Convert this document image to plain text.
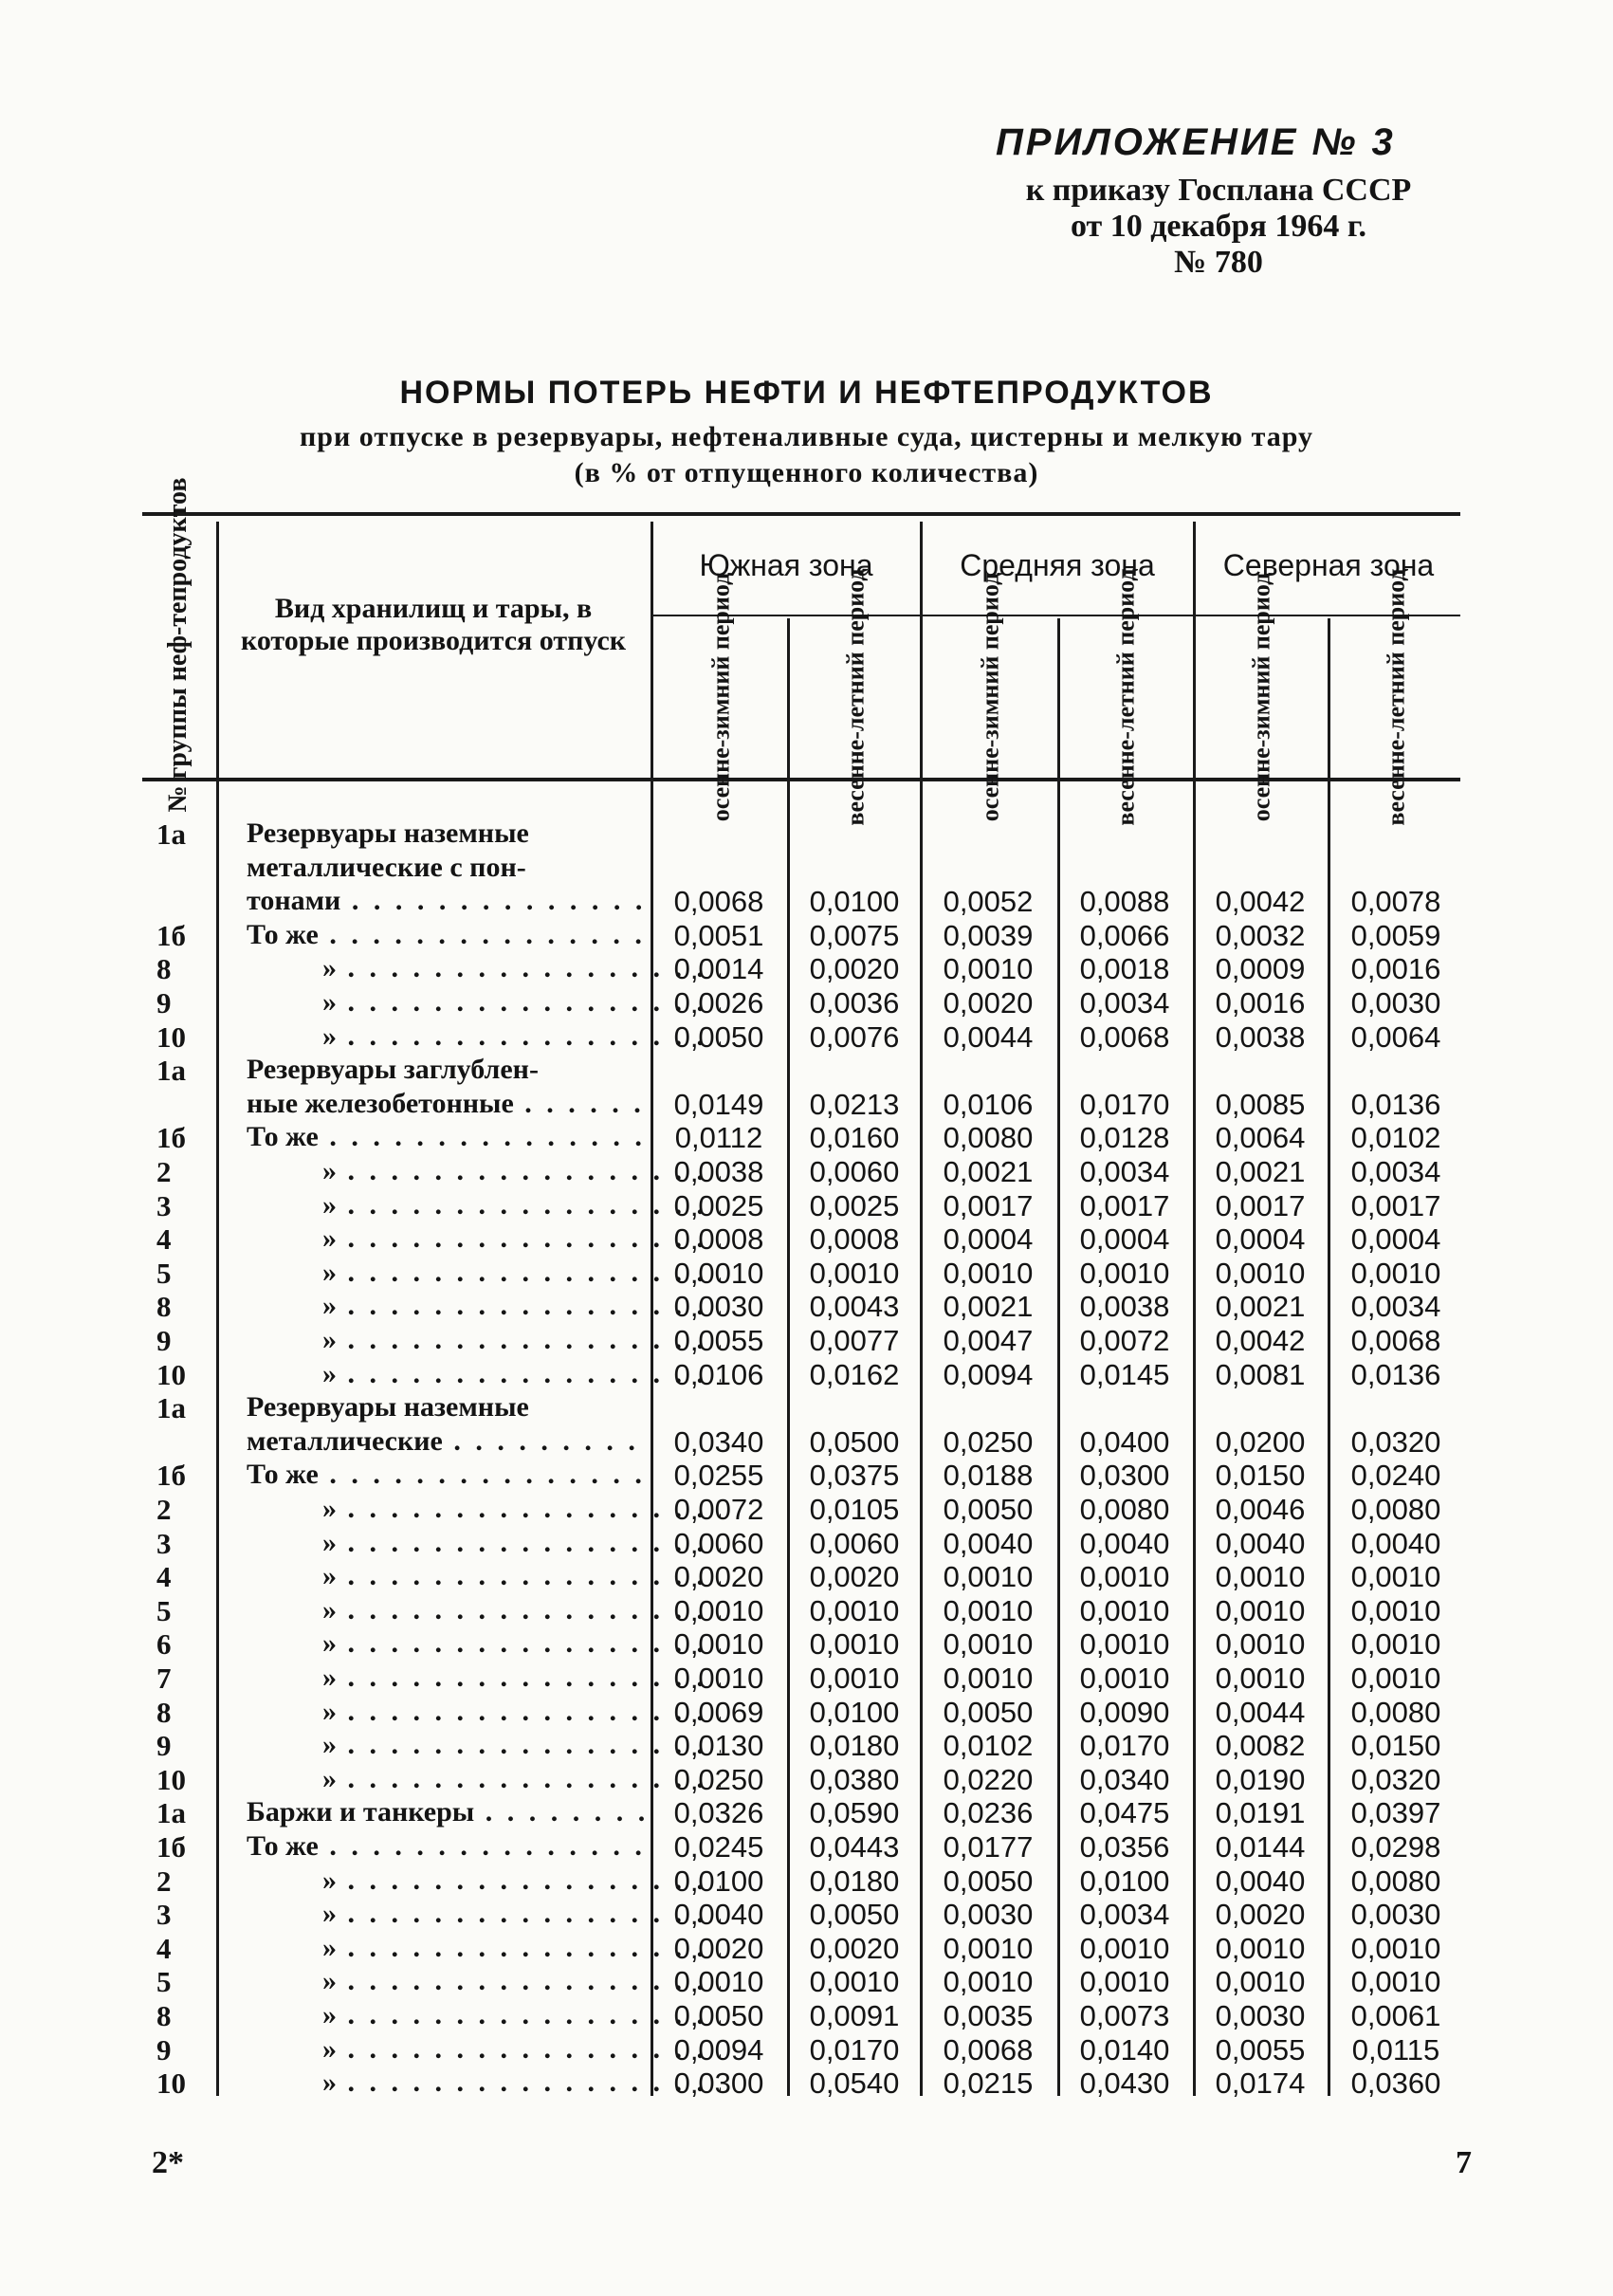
ПРИЛОЖЕНИЕ № 3
к приказу Госплана СССР
от 10 декабря 1964 г.
№ 780
НОРМЫ ПОТЕРЬ НЕФТИ И НЕФТЕПРОДУКТОВ
при отпуске в резервуары, нефтеналивные суда, цистерны и мелкую тару
(в % от отпущенного количества)
№ группы неф-тепродуктов	Вид хранилищ и тары, в которые производится отпуск
Южная зона	Средняя зона	Северная зона
осенне-зимний период	весенне-летний период	осенне-зимний период	весенне-летний период	осенне-зимний период	весенне-летний период
1а	Резервуары наземные
металлические с пон-
тонами . . .	0,0068	0,0100	0,0052	0,0088	0,0042	0,0078
1б	То же . . .	0,0051	0,0075	0,0039	0,0066	0,0032	0,0059
8 » . . .	0,0014	0,0020	0,0010	0,0018	0,0009	0,0016
9 » . . .	0,0026	0,0036	0,0020	0,0034	0,0016	0,0030
10 » . . .	0,0050	0,0076	0,0044	0,0068	0,0038	0,0064
1а	Резервуары заглублен-
ные железобетонные . . .	0,0149	0,0213	0,0106	0,0170	0,0085	0,0136
1б	То же . . .	0,0112	0,0160	0,0080	0,0128	0,0064	0,0102
2 » . . .	0,0038	0,0060	0,0021	0,0034	0,0021	0,0034
3 » . . .	0,0025	0,0025	0,0017	0,0017	0,0017	0,0017
4 » . . .	0,0008	0,0008	0,0004	0,0004	0,0004	0,0004
5 » . . .	0,0010	0,0010	0,0010	0,0010	0,0010	0,0010
8 » . . .	0,0030	0,0043	0,0021	0,0038	0,0021	0,0034
9 » . . .	0,0055	0,0077	0,0047	0,0072	0,0042	0,0068
10 » . . .	0,0106	0,0162	0,0094	0,0145	0,0081	0,0136
1а	Резервуары наземные
металлические . . .	0,0340	0,0500	0,0250	0,0400	0,0200	0,0320
1б	То же . . .	0,0255	0,0375	0,0188	0,0300	0,0150	0,0240
2 » . . .	0,0072	0,0105	0,0050	0,0080	0,0046	0,0080
3 » . . .	0,0060	0,0060	0,0040	0,0040	0,0040	0,0040
4 » . . .	0,0020	0,0020	0,0010	0,0010	0,0010	0,0010
5 » . . .	0,0010	0,0010	0,0010	0,0010	0,0010	0,0010
6 » . . .	0,0010	0,0010	0,0010	0,0010	0,0010	0,0010
7 » . . .	0,0010	0,0010	0,0010	0,0010	0,0010	0,0010
8 » . . .	0,0069	0,0100	0,0050	0,0090	0,0044	0,0080
9 » . . .	0,0130	0,0180	0,0102	0,0170	0,0082	0,0150
10 » . . .	0,0250	0,0380	0,0220	0,0340	0,0190	0,0320
1а	Баржи и танкеры . . .	0,0326	0,0590	0,0236	0,0475	0,0191	0,0397
1б	То же . . .	0,0245	0,0443	0,0177	0,0356	0,0144	0,0298
2 » . . .	0,0100	0,0180	0,0050	0,0100	0,0040	0,0080
3 » . . .	0,0040	0,0050	0,0030	0,0034	0,0020	0,0030
4 » . . .	0,0020	0,0020	0,0010	0,0010	0,0010	0,0010
5 » . . .	0,0010	0,0010	0,0010	0,0010	0,0010	0,0010
8 » . . .	0,0050	0,0091	0,0035	0,0073	0,0030	0,0061
9 » . . .	0,0094	0,0170	0,0068	0,0140	0,0055	0,0115
10 » . . .	0,0300	0,0540	0,0215	0,0430	0,0174	0,0360
2*	7
